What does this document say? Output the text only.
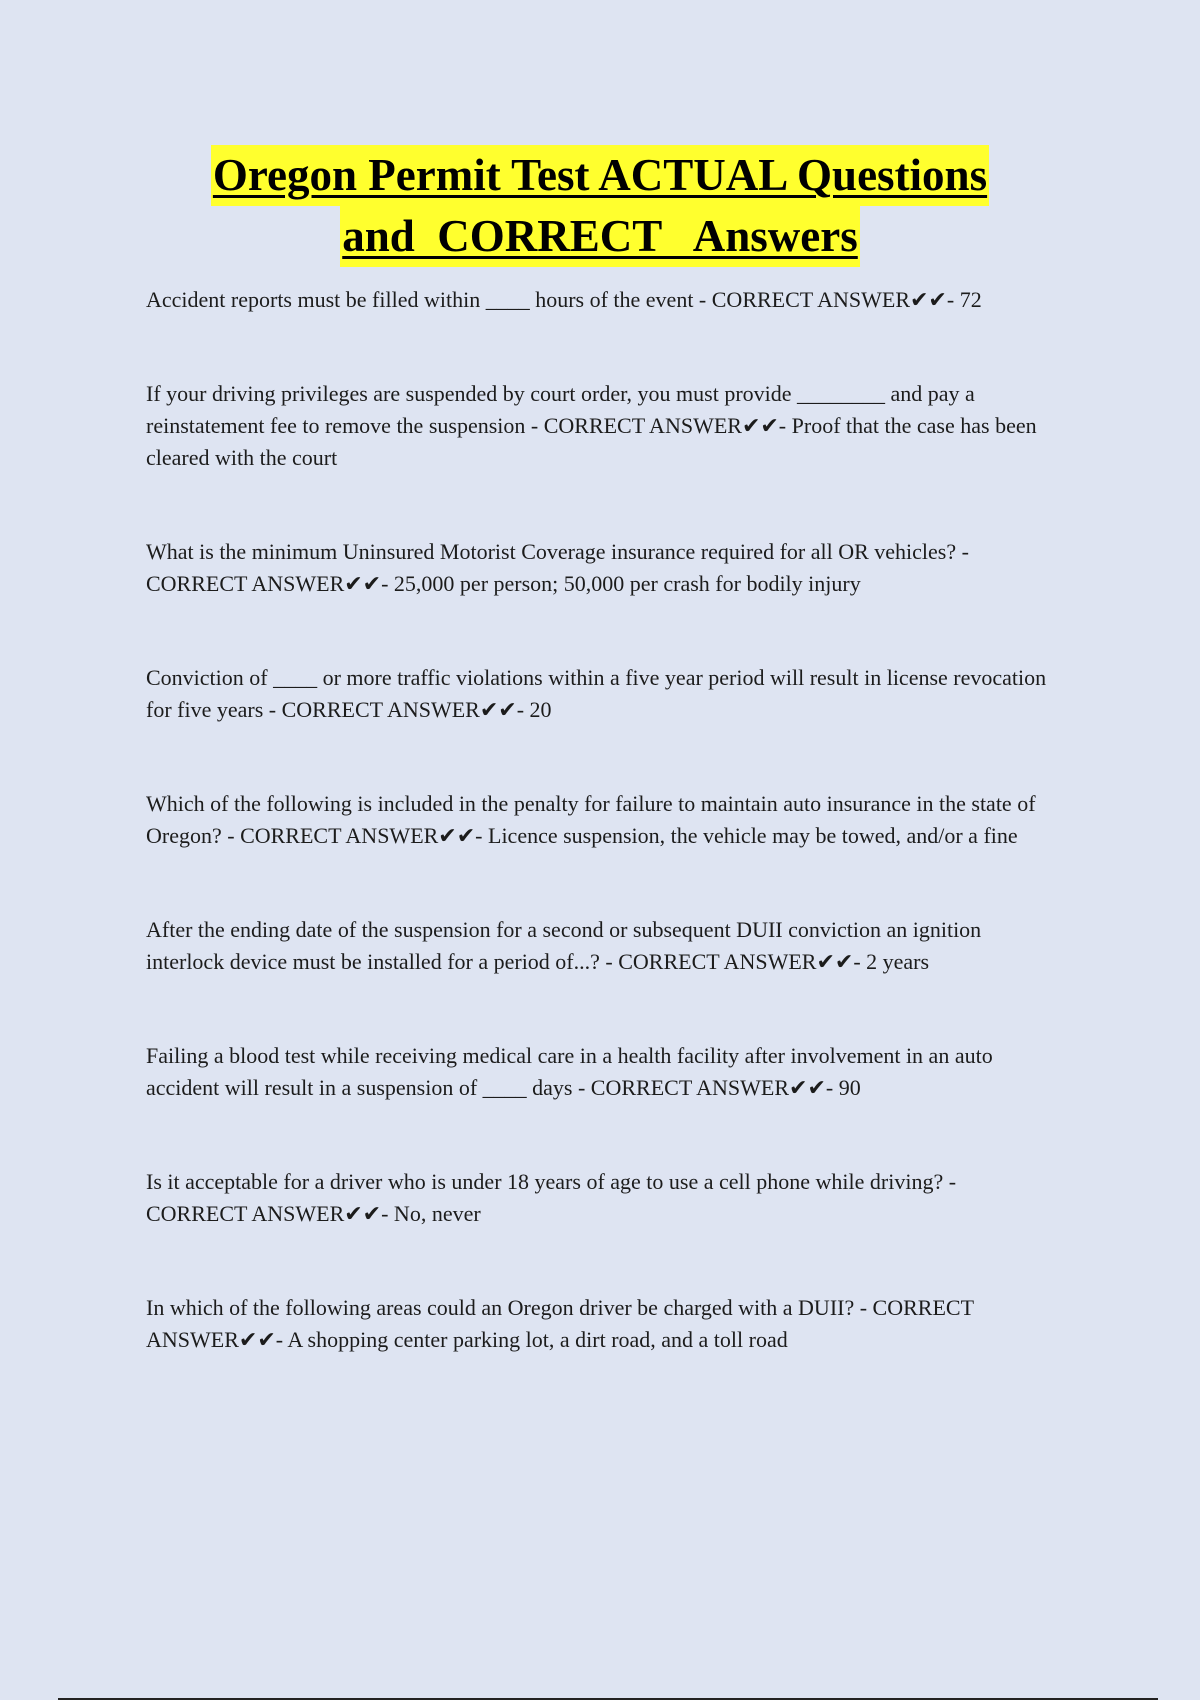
Oregon Permit Test ACTUAL Questions
and  CORRECT   Answers

Accident reports must be filled within ____ hours of the event - CORRECT ANSWER✔✔- 72

If your driving privileges are suspended by court order, you must provide ________ and pay a reinstatement fee to remove the suspension - CORRECT ANSWER✔✔- Proof that the case has been cleared with the court

What is the minimum Uninsured Motorist Coverage insurance required for all OR vehicles? - CORRECT ANSWER✔✔- 25,000 per person; 50,000 per crash for bodily injury

Conviction of ____ or more traffic violations within a five year period will result in license revocation for five years - CORRECT ANSWER✔✔- 20

Which of the following is included in the penalty for failure to maintain auto insurance in the state of Oregon? - CORRECT ANSWER✔✔- Licence suspension, the vehicle may be towed, and/or a fine

After the ending date of the suspension for a second or subsequent DUII conviction an ignition interlock device must be installed for a period of...? - CORRECT ANSWER✔✔- 2 years

Failing a blood test while receiving medical care in a health facility after involvement in an auto accident will result in a suspension of ____ days - CORRECT ANSWER✔✔- 90

Is it acceptable for a driver who is under 18 years of age to use a cell phone while driving? - CORRECT ANSWER✔✔- No, never

In which of the following areas could an Oregon driver be charged with a DUII? - CORRECT ANSWER✔✔- A shopping center parking lot, a dirt road, and a toll road
